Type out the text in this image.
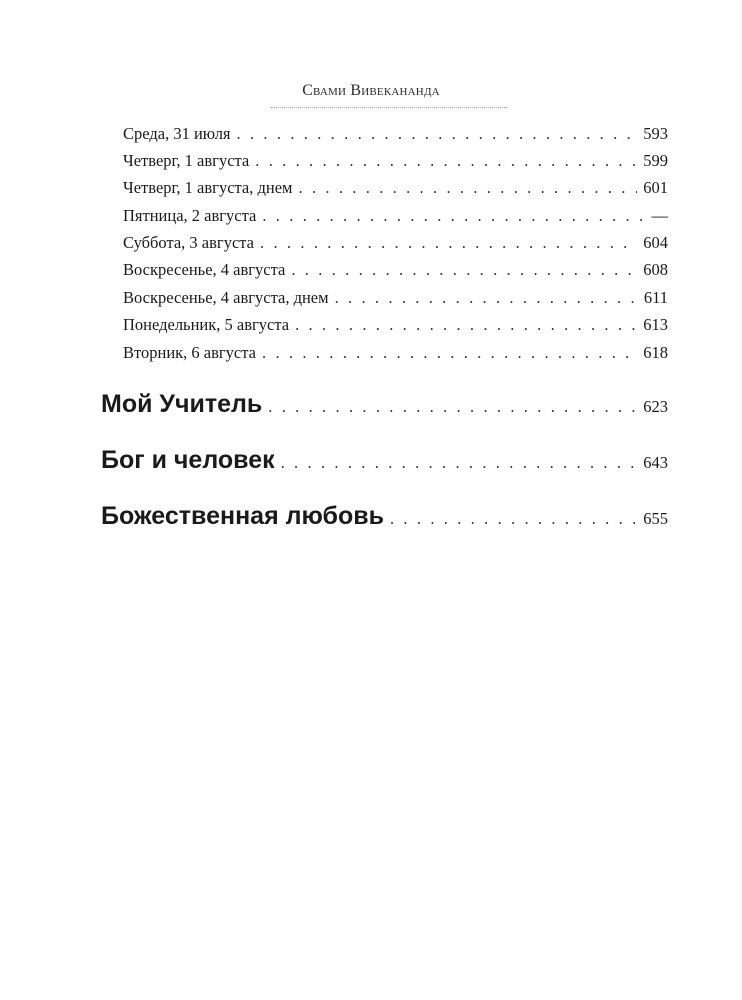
Свами Вивекананда
Среда, 31 июля . . .	593
Четверг, 1 августа . . .	599
Четверг, 1 августа, днем . . .	601
Пятница, 2 августа . . .	—
Суббота, 3 августа . . .	604
Воскресенье, 4 августа . . .	608
Воскресенье, 4 августа, днем . . .	611
Понедельник, 5 августа . . .	613
Вторник, 6 августа . . .	618
Мой Учитель . . .	623
Бог и человек . . .	643
Божественная любовь . . .	655
